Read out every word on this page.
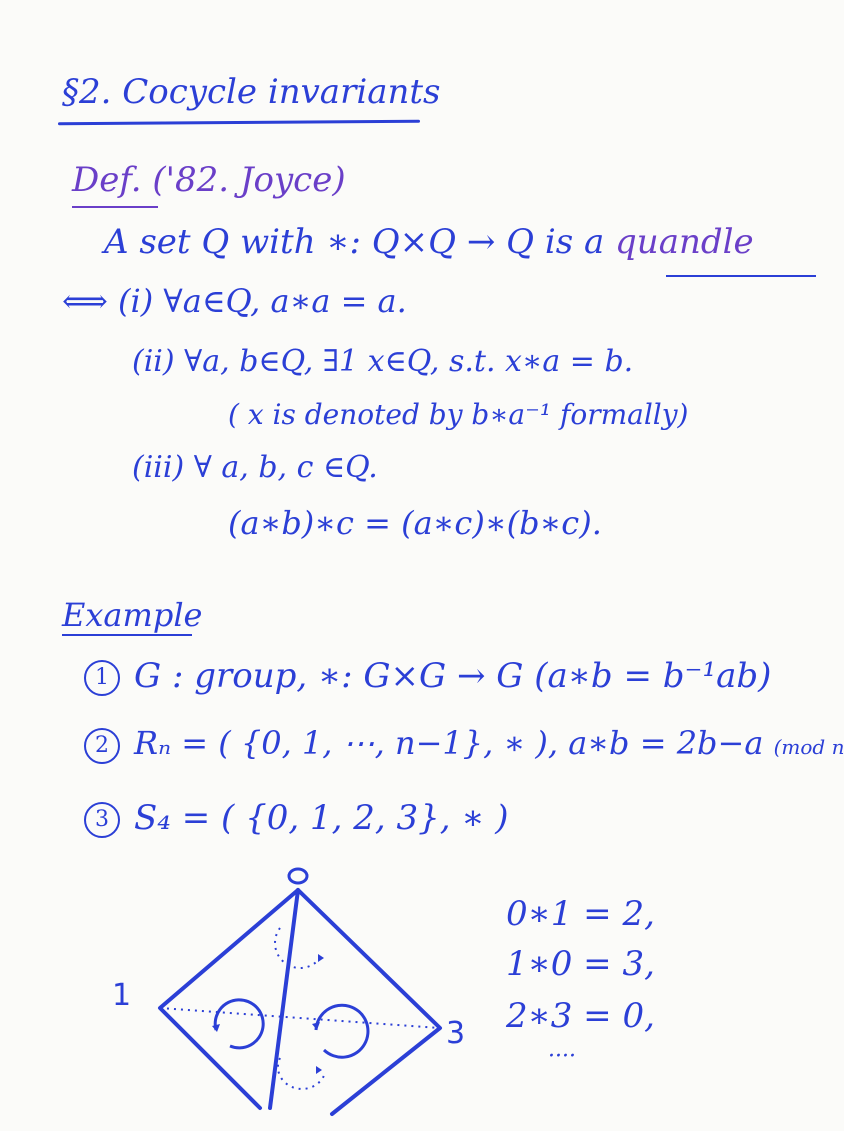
§2. Cocycle invariants
Def. ('82. Joyce)
A set Q with ∗: Q×Q → Q is a quandle
⟺ (i) ∀a∈Q, a∗a = a.
(ii) ∀a, b∈Q, ∃1 x∈Q, s.t. x∗a = b.
( x is denoted by b∗a⁻¹ formally)
(iii) ∀ a, b, c ∈Q.
(a∗b)∗c = (a∗c)∗(b∗c).
Example
1 G : group, ∗: G×G → G (a∗b = b⁻¹ab)
2 Rₙ = ( {0, 1, ⋯, n−1}, ∗ ), a∗b = 2b−a (mod n
3 S₄ = ( {0, 1, 2, 3}, ∗ )
1
3
0∗1 = 2,
1∗0 = 3,
2∗3 = 0,
····
